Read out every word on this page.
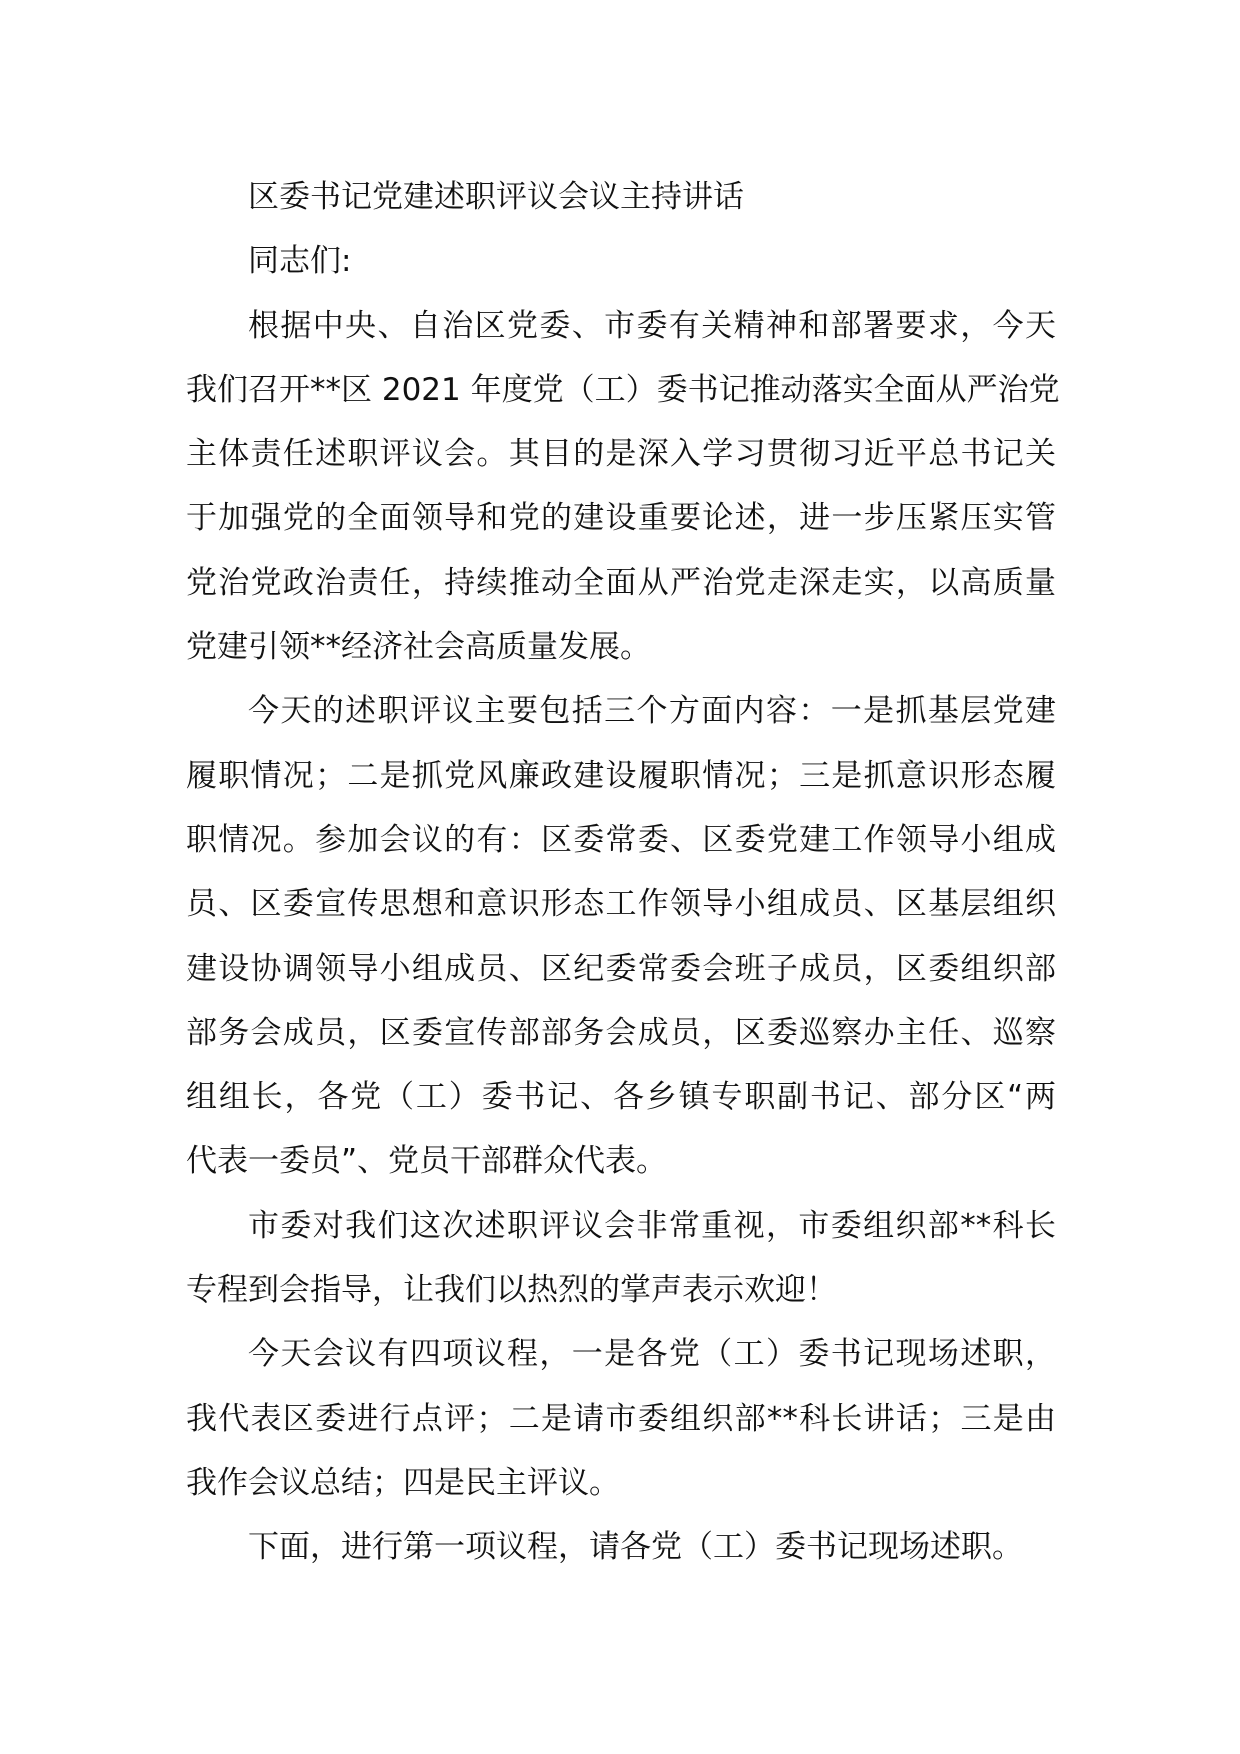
区委书记党建述职评议会议主持讲话
同志们:
根据中央、自治区党委、市委有关精神和部署要求，今天
我们召开**区 2021 年度党（工）委书记推动落实全面从严治党
主体责任述职评议会。其目的是深入学习贯彻习近平总书记关
于加强党的全面领导和党的建设重要论述，进一步压紧压实管
党治党政治责任，持续推动全面从严治党走深走实，以高质量
党建引领**经济社会高质量发展。
今天的述职评议主要包括三个方面内容：一是抓基层党建
履职情况；二是抓党风廉政建设履职情况；三是抓意识形态履
职情况。参加会议的有：区委常委、区委党建工作领导小组成
员、区委宣传思想和意识形态工作领导小组成员、区基层组织
建设协调领导小组成员、区纪委常委会班子成员，区委组织部
部务会成员，区委宣传部部务会成员，区委巡察办主任、巡察
组组长，各党（工）委书记、各乡镇专职副书记、部分区“两
代表一委员”、党员干部群众代表。
市委对我们这次述职评议会非常重视，市委组织部**科长
专程到会指导，让我们以热烈的掌声表示欢迎！
今天会议有四项议程，一是各党（工）委书记现场述职，
我代表区委进行点评；二是请市委组织部**科长讲话；三是由
我作会议总结；四是民主评议。
下面，进行第一项议程，请各党（工）委书记现场述职。
